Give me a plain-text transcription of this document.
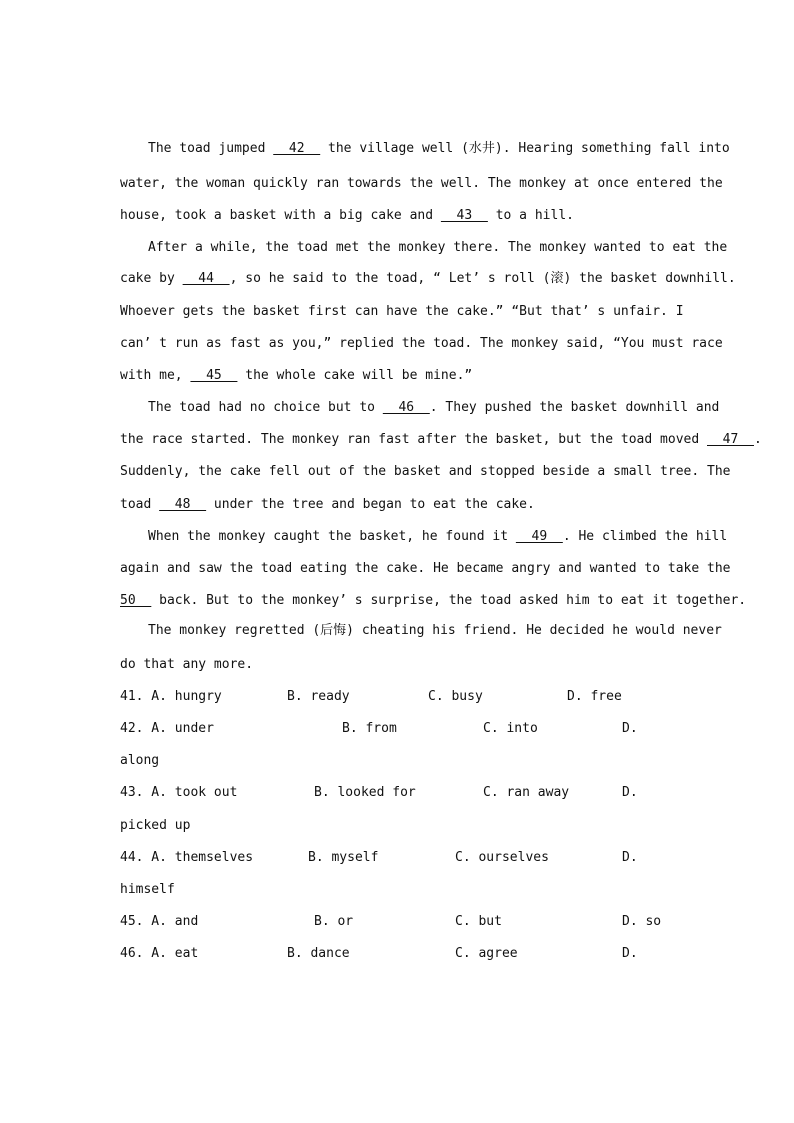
The toad jumped   42   the village well (水井). Hearing something fall into
water, the woman quickly ran towards the well. The monkey at once entered the
house, took a basket with a big cake and   43   to a hill.
After a while, the toad met the monkey there. The monkey wanted to eat the
cake by   44  , so he said to the toad, “ Let’ s roll (滚) the basket downhill.
Whoever gets the basket first can have the cake.” “But that’ s unfair. I
can’ t run as fast as you,” replied the toad. The monkey said, “You must race
with me,   45   the whole cake will be mine.”
The toad had no choice but to   46  . They pushed the basket downhill and
the race started. The monkey ran fast after the basket, but the toad moved   47  .
Suddenly, the cake fell out of the basket and stopped beside a small tree. The
toad   48   under the tree and began to eat the cake.
When the monkey caught the basket, he found it   49  . He climbed the hill
again and saw the toad eating the cake. He became angry and wanted to take the
50   back. But to the monkey’ s surprise, the toad asked him to eat it together.
The monkey regretted (后悔) cheating his friend. He decided he would never
do that any more.
41. A. hungry	B. ready	C. busy	D. free
42. A. under	B. from	C. into	D.
along
43. A. took out	B. looked for	C. ran away	D.
picked up
44. A. themselves	B. myself	C. ourselves	D.
himself
45. A. and	B. or	C. but	D. so
46. A. eat	B. dance	C. agree	D.
